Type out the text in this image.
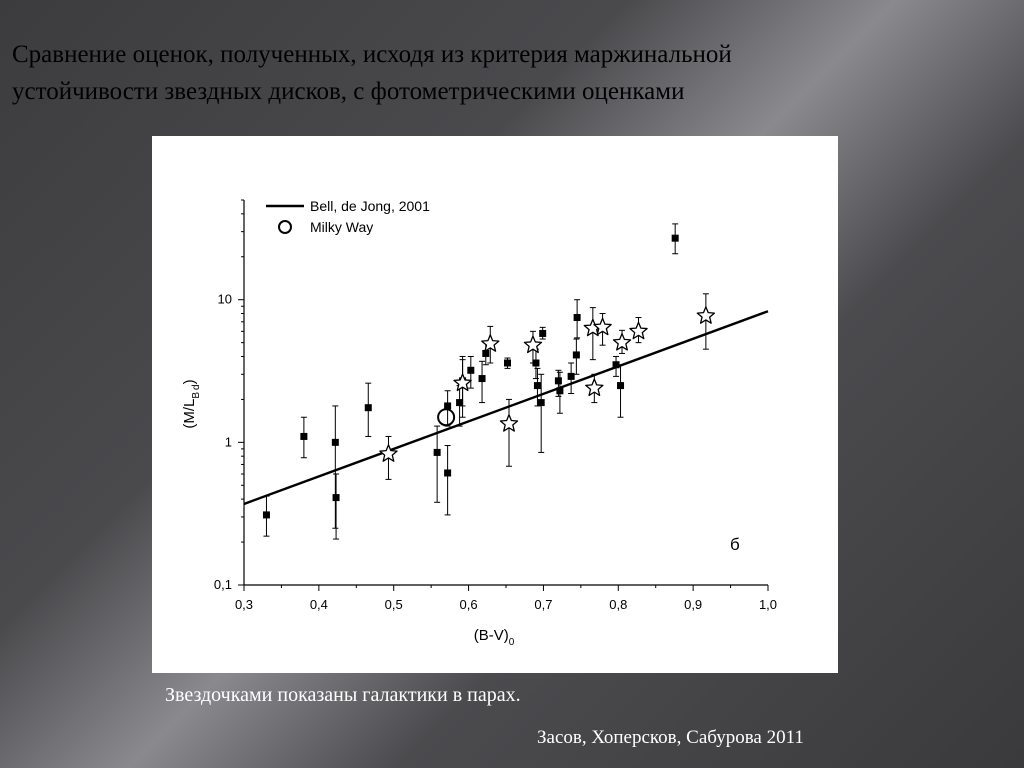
Сравнение оценок, полученных, исходя из критерия маржинальной
устойчивости звездных дисков, с фотометрическими оценками
0,3	0,4	0,5	0,6	0,7	0,8	0,9	1,0
0,1
1
10
Bell, de Jong, 2001
Milky Way
б
$(B-V)_0$
$(M/L_Bd)$
Звездочками показаны галактики в парах.
Засов, Хоперсков, Сабурова 2011
